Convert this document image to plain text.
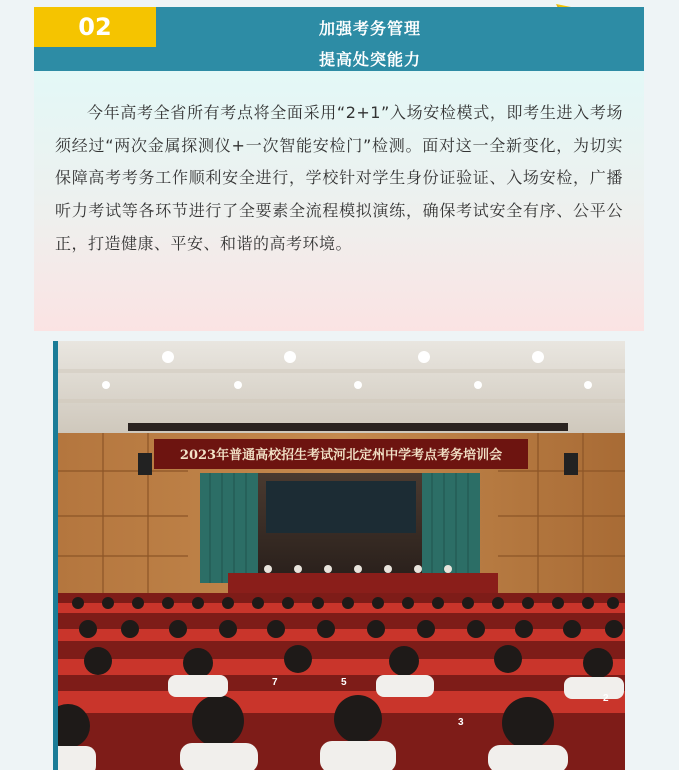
02	加强考务管理
提高处突能力

今年高考全省所有考点将全面采用“2+1”入场安检模式，即考生进入考场须经过“两次金属探测仪+一次智能安检门”检测。面对这一全新变化，为切实保障高考考务工作顺利安全进行，学校针对学生身份证验证、入场安检，广播听力考试等各环节进行了全要素全流程模拟演练，确保考试安全有序、公平公正，打造健康、平安、和谐的高考环境。

2023年普通高校招生考试河北定州中学考点考务培训会
7	5
3
2
